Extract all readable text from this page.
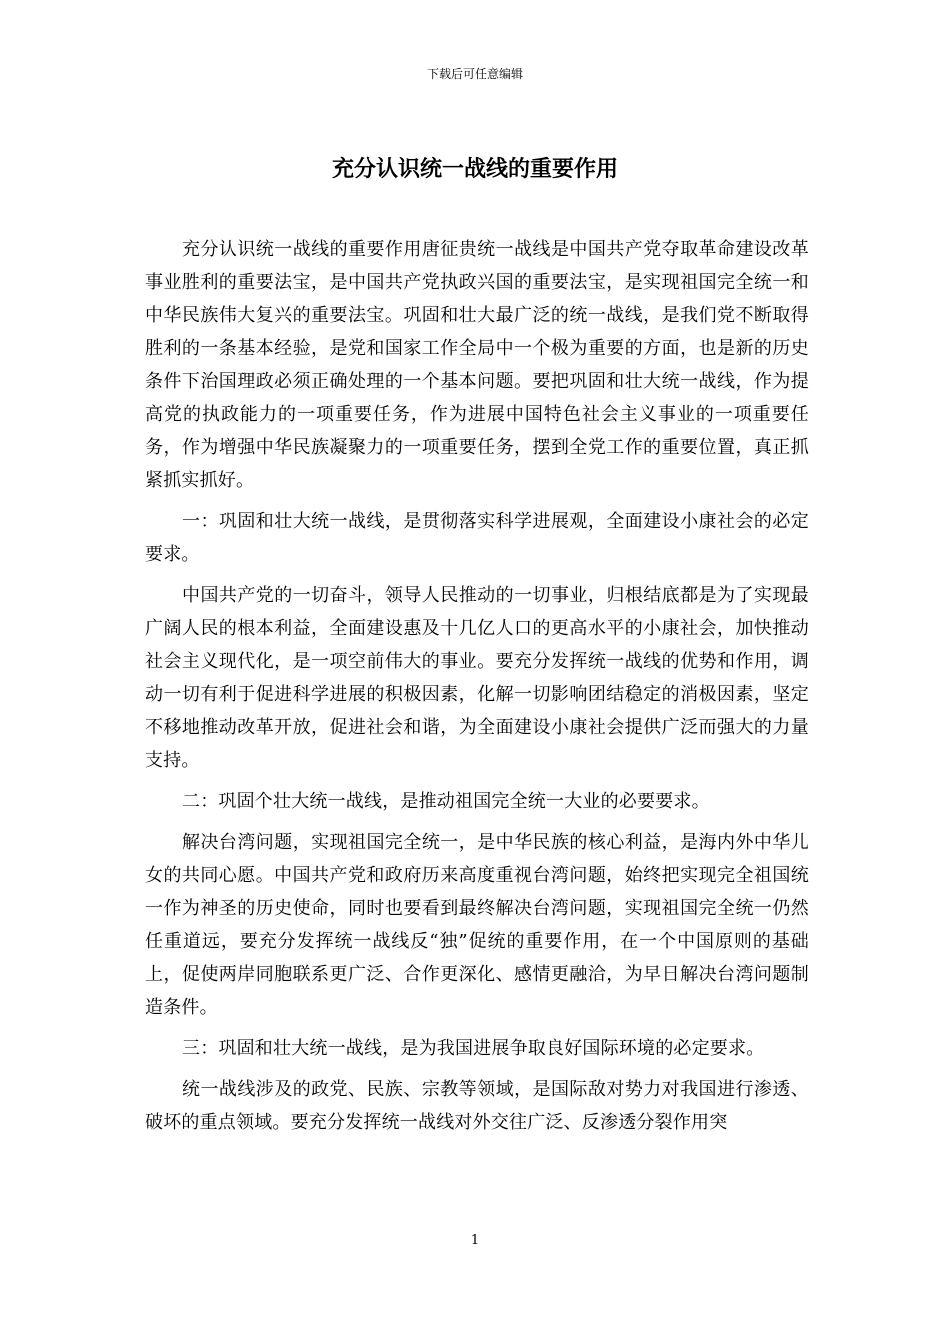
下载后可任意编辑
充分认识统一战线的重要作用

充分认识统一战线的重要作用唐征贵统一战线是中国共产党夺取革命建设改革事业胜利的重要法宝，是中国共产党执政兴国的重要法宝，是实现祖国完全统一和中华民族伟大复兴的重要法宝。巩固和壮大最广泛的统一战线，是我们党不断取得胜利的一条基本经验，是党和国家工作全局中一个极为重要的方面，也是新的历史条件下治国理政必须正确处理的一个基本问题。要把巩固和壮大统一战线，作为提高党的执政能力的一项重要任务，作为进展中国特色社会主义事业的一项重要任务，作为增强中华民族凝聚力的一项重要任务，摆到全党工作的重要位置，真正抓紧抓实抓好。

一：巩固和壮大统一战线，是贯彻落实科学进展观，全面建设小康社会的必定要求。

中国共产党的一切奋斗，领导人民推动的一切事业，归根结底都是为了实现最广阔人民的根本利益，全面建设惠及十几亿人口的更高水平的小康社会，加快推动社会主义现代化，是一项空前伟大的事业。要充分发挥统一战线的优势和作用，调动一切有利于促进科学进展的积极因素，化解一切影响团结稳定的消极因素，坚定不移地推动改革开放，促进社会和谐，为全面建设小康社会提供广泛而强大的力量支持。

二：巩固个壮大统一战线，是推动祖国完全统一大业的必要要求。

解决台湾问题，实现祖国完全统一，是中华民族的核心利益，是海内外中华儿女的共同心愿。中国共产党和政府历来高度重视台湾问题，始终把实现完全祖国统一作为神圣的历史使命，同时也要看到最终解决台湾问题，实现祖国完全统一仍然任重道远，要充分发挥统一战线反“独”促统的重要作用，在一个中国原则的基础上，促使两岸同胞联系更广泛、合作更深化、感情更融洽，为早日解决台湾问题制造条件。

三：巩固和壮大统一战线，是为我国进展争取良好国际环境的必定要求。

统一战线涉及的政党、民族、宗教等领域，是国际敌对势力对我国进行渗透、破坏的重点领域。要充分发挥统一战线对外交往广泛、反渗透分裂作用突

1
